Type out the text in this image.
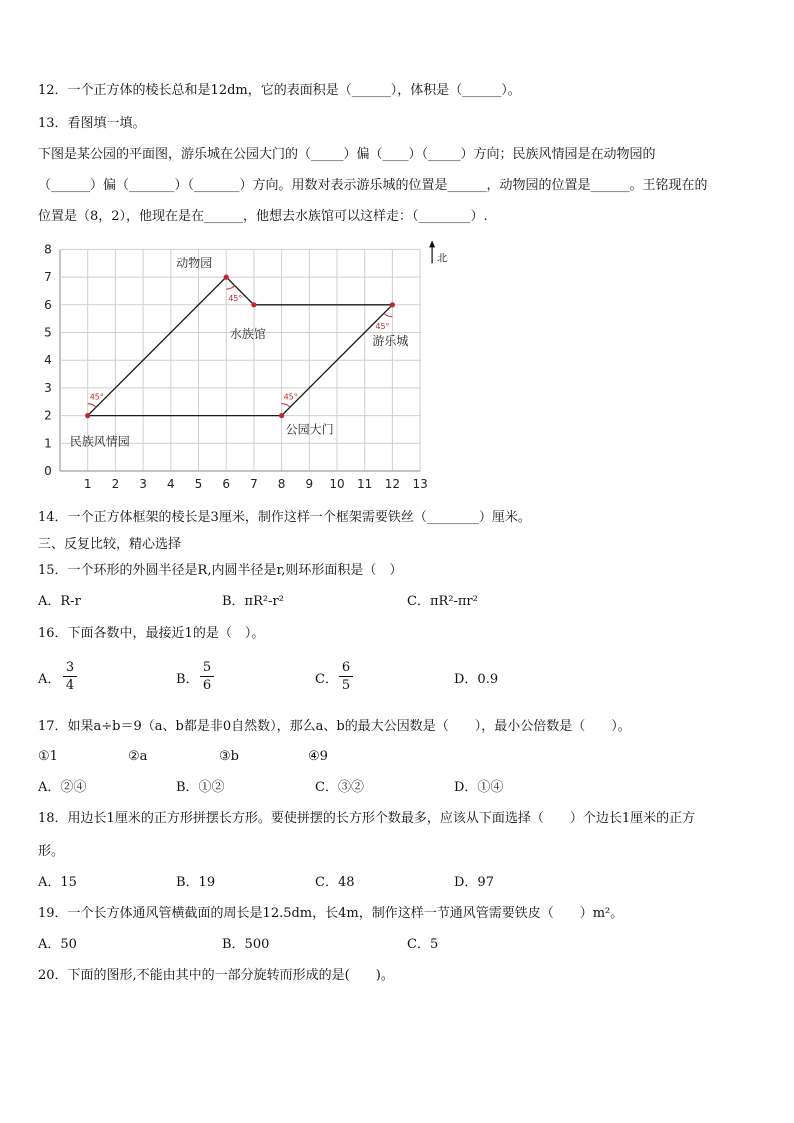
12．一个正方体的棱长总和是12dm，它的表面积是（______），体积是（______）。
13．看图填一填。
下图是某公园的平面图，游乐城在公园大门的（_____）偏（____）（_____）方向；民族风情园是在动物园的
（______）偏（_______）（_______）方向。用数对表示游乐城的位置是______，动物园的位置是______。王铭现在的
位置是（8，2），他现在是在______，他想去水族馆可以这样走：（________）.
1 2 3 4 5 6 7 8 9 10 11 12 13
0
1
2
3
4
5
6
7
8
45°
45°
45°
45°
动物园
水族馆	游乐城
公园大门
民族风情园
北
14．一个正方体框架的棱长是3厘米，制作这样一个框架需要铁丝（________）厘米。
三、反复比较，精心选择
15．一个环形的外圆半径是R,内圆半径是r,则环形面积是（　）
A．R-r	B．πR²-r²	C．πR²-πr²
16．下面各数中，最接近1的是（　）。
A．
3
4	B．
5
6	C．
6
5	D．0.9
17．如果a÷b＝9（a、b都是非0自然数），那么a、b的最大公因数是（　　），最小公倍数是（　　）。
①1	②a	③b	④9
A．②④	B．①②	C．③②	D．①④
18．用边长1厘米的正方形拼摆长方形。要使拼摆的长方形个数最多，应该从下面选择（　　）个边长1厘米的正方
形。
A．15	B．19	C．48	D．97
19．一个长方体通风管横截面的周长是12.5dm，长4m，制作这样一节通风管需要铁皮（　　）m²。
A．50	B．500	C．5
20．下面的图形,不能由其中的一部分旋转而形成的是(　　)。
